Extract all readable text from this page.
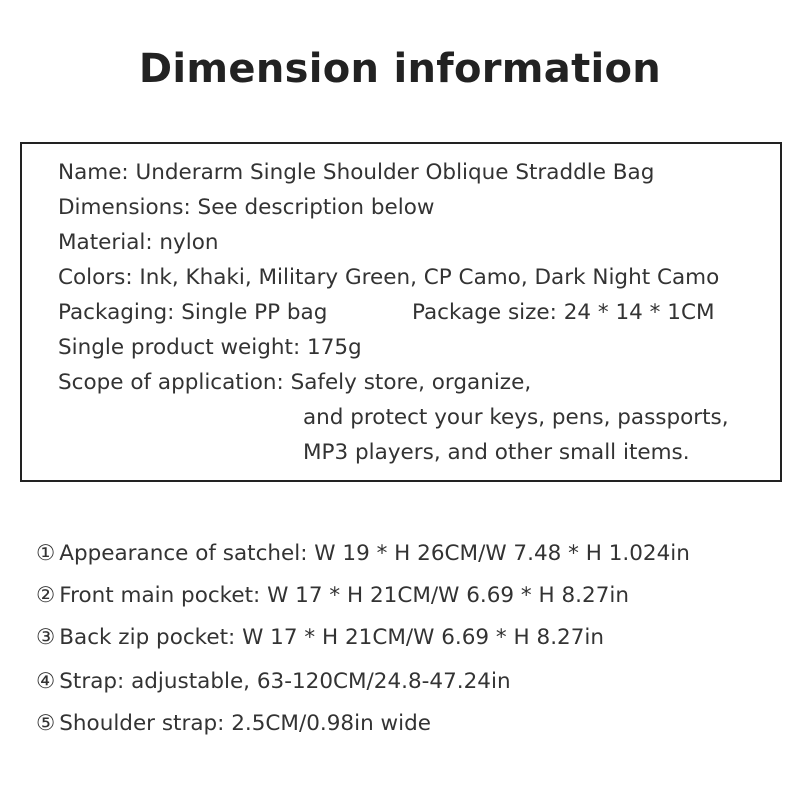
Dimension information
Name: Underarm Single Shoulder Oblique Straddle Bag
Dimensions: See description below
Material: nylon
Colors: Ink, Khaki, Military Green, CP Camo, Dark Night Camo
Packaging: Single PP bag	Package size: 24 * 14 * 1CM
Single product weight: 175g
Scope of application: Safely store, organize,
and protect your keys, pens, passports,
MP3 players, and other small items.
① Appearance of satchel: W 19 * H 26CM/W 7.48 * H 1.024in
② Front main pocket: W 17 * H 21CM/W 6.69 * H 8.27in
③ Back zip pocket: W 17 * H 21CM/W 6.69 * H 8.27in
④ Strap: adjustable, 63-120CM/24.8-47.24in
⑤ Shoulder strap: 2.5CM/0.98in wide
